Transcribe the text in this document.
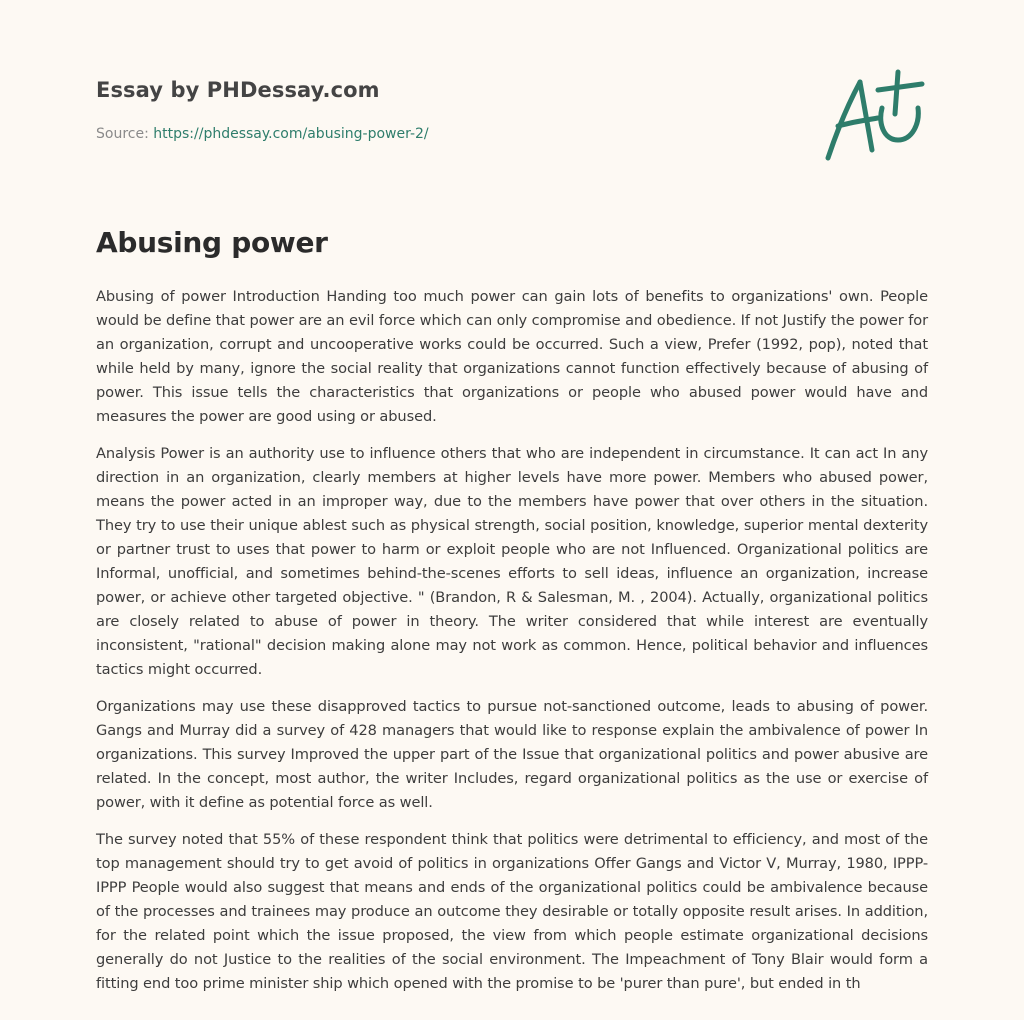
Essay by PHDessay.com
Source: https://phdessay.com/abusing-power-2/
Abusing power

Abusing of power Introduction Handing too much power can gain lots of benefits to organizations' own. People would be define that power are an evil force which can only compromise and obedience. If not Justify the power for an organization, corrupt and uncooperative works could be occurred. Such a view, Prefer (1992, pop), noted that while held by many, ignore the social reality that organizations cannot function effectively because of abusing of power. This issue tells the characteristics that organizations or people who abused power would have and measures the power are good using or abused.

Analysis Power is an authority use to influence others that who are independent in circumstance. It can act In any direction in an organization, clearly members at higher levels have more power. Members who abused power, means the power acted in an improper way, due to the members have power that over others in the situation. They try to use their unique ablest such as physical strength, social position, knowledge, superior mental dexterity or partner trust to uses that power to harm or exploit people who are not Influenced. Organizational politics are Informal, unofficial, and sometimes behind-the-scenes efforts to sell ideas, influence an organization, increase power, or achieve other targeted objective. " (Brandon, R & Salesman, M. , 2004). Actually, organizational politics are closely related to abuse of power in theory. The writer considered that while interest are eventually inconsistent, "rational" decision making alone may not work as common. Hence, political behavior and influences tactics might occurred.

Organizations may use these disapproved tactics to pursue not-sanctioned outcome, leads to abusing of power. Gangs and Murray did a survey of 428 managers that would like to response explain the ambivalence of power In organizations. This survey Improved the upper part of the Issue that organizational politics and power abusive are related. In the concept, most author, the writer Includes, regard organizational politics as the use or exercise of power, with it define as potential force as well.

The survey noted that 55% of these respondent think that politics were detrimental to efficiency, and most of the top management should try to get avoid of politics in organizations Offer Gangs and Victor V, Murray, 1980, IPPP-IPPP People would also suggest that means and ends of the organizational politics could be ambivalence because of the processes and trainees may produce an outcome they desirable or totally opposite result arises. In addition, for the related point which the issue proposed, the view from which people estimate organizational decisions generally do not Justice to the realities of the social environment. The Impeachment of Tony Blair would form a fitting end too prime minister ship which opened with the promise to be 'purer than pure', but ended in th
